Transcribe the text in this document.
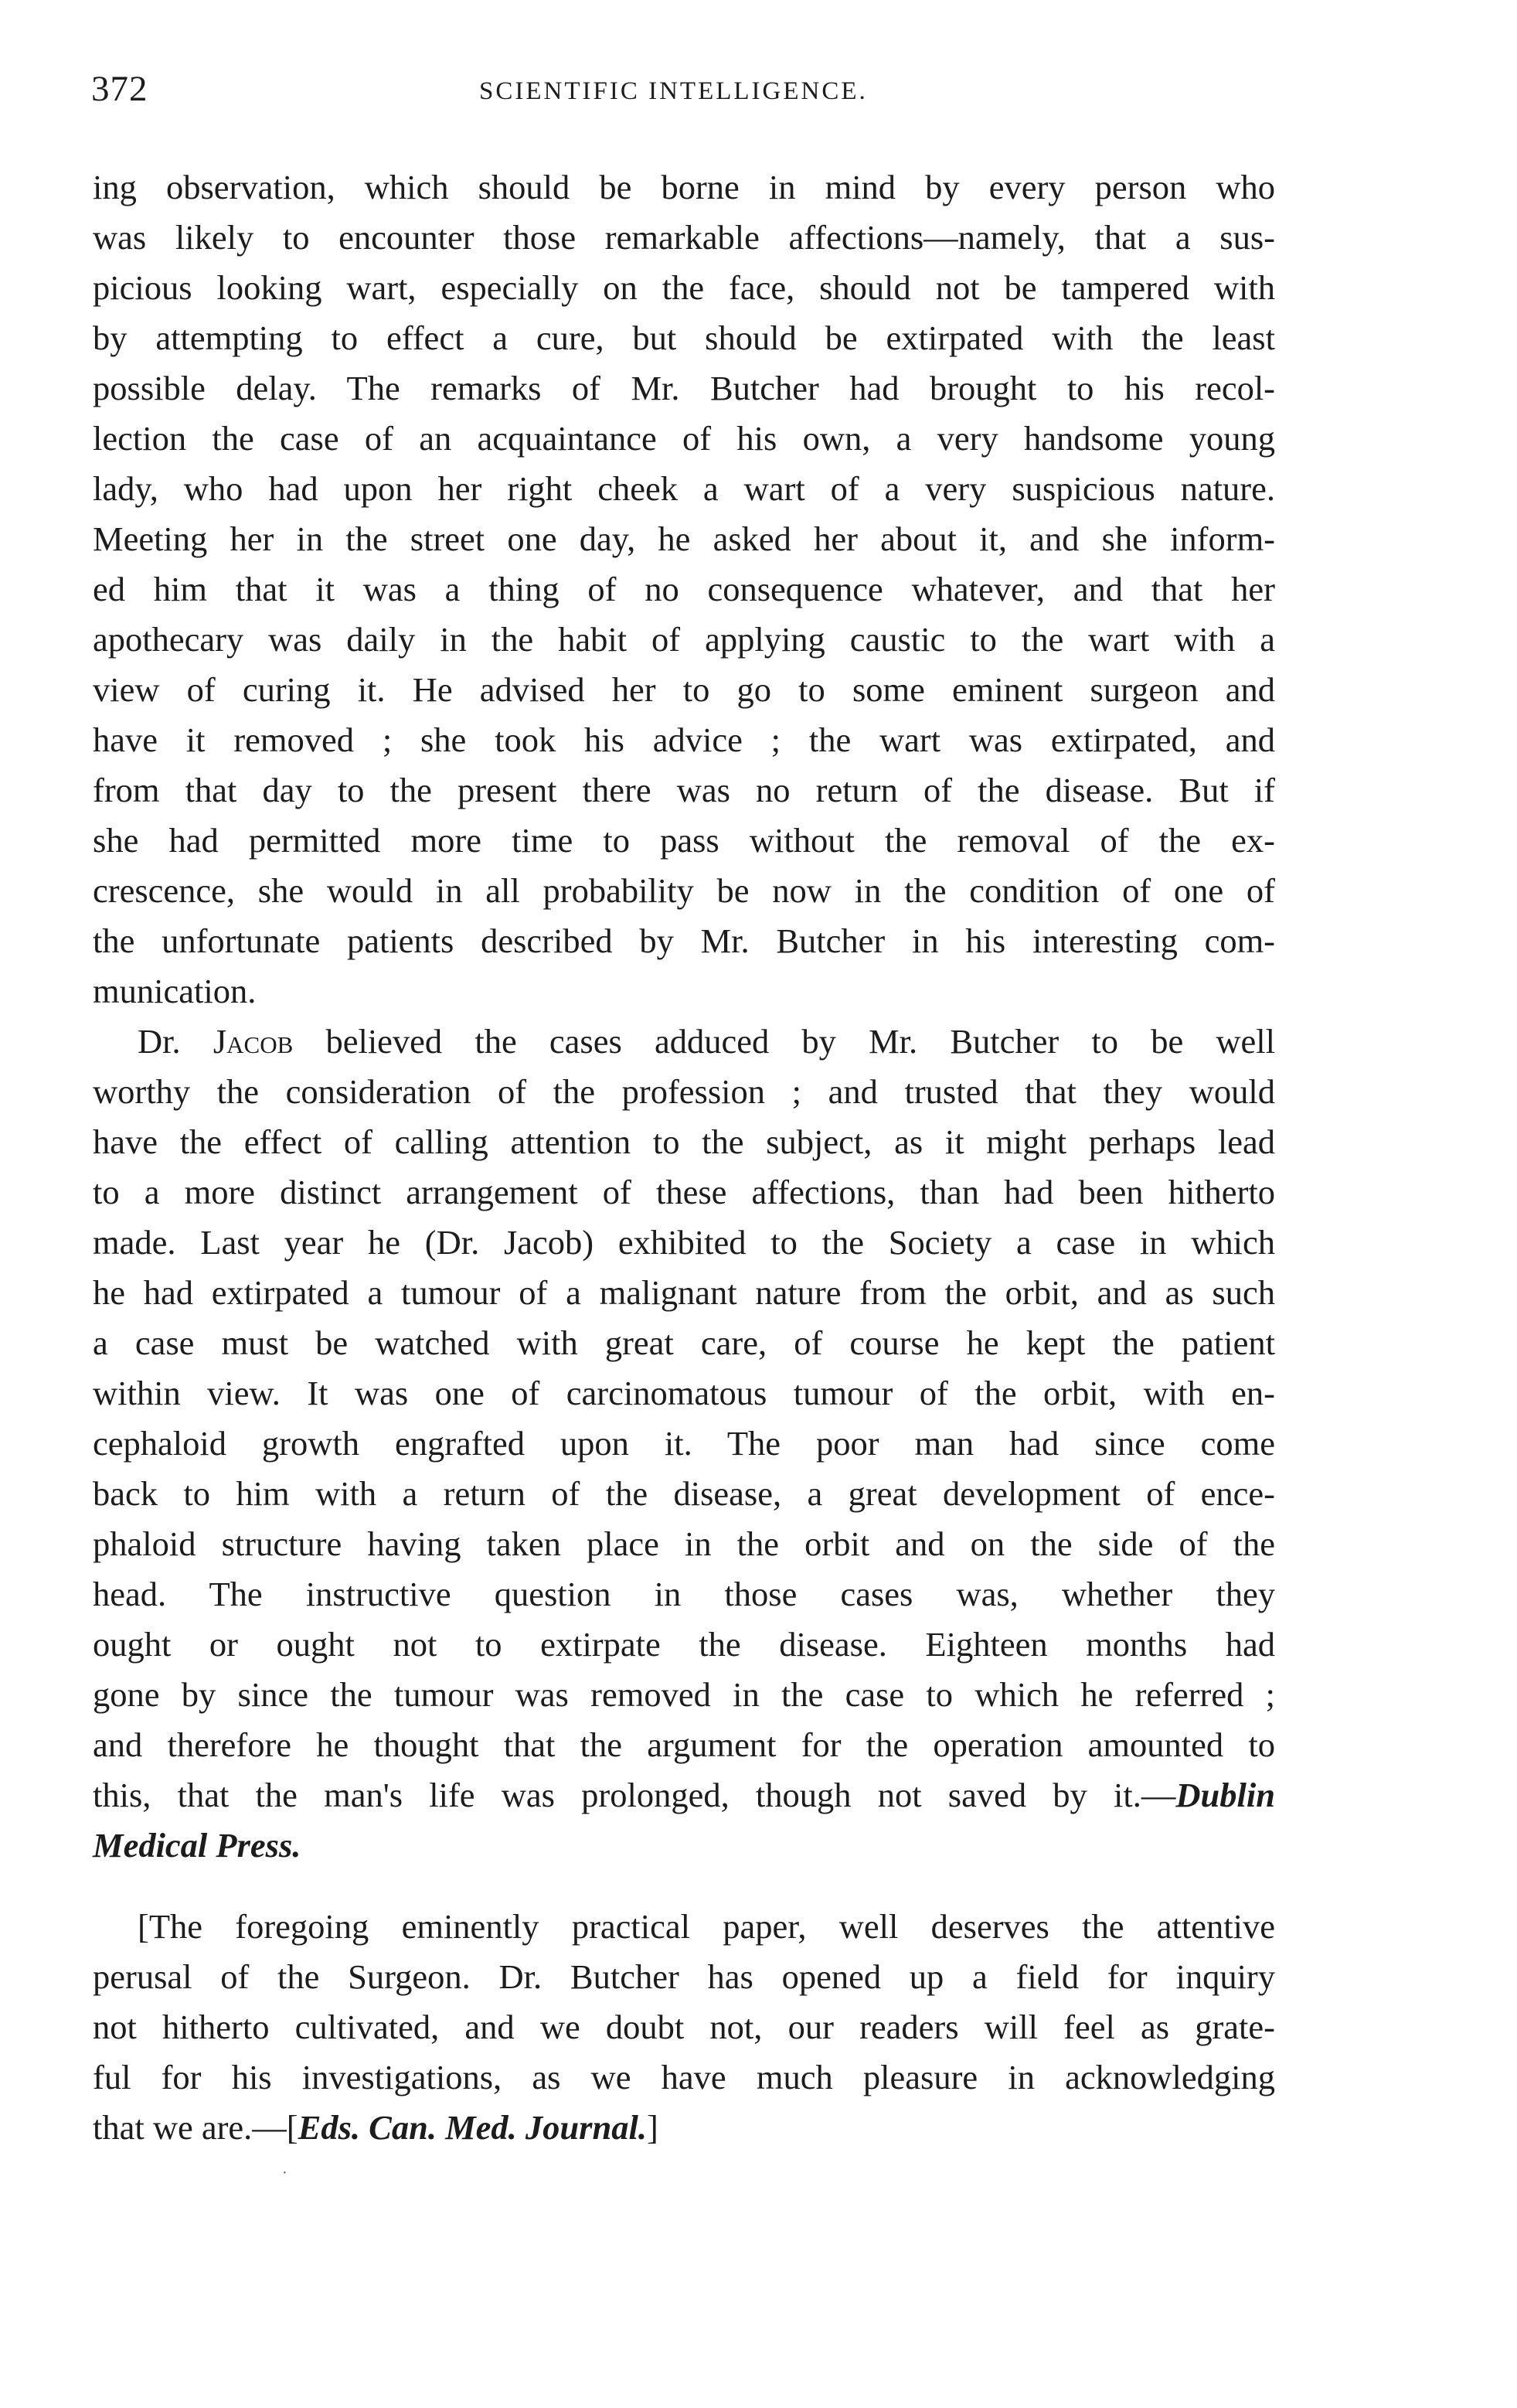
372	SCIENTIFIC INTELLIGENCE.

ing observation, which should be borne in mind by every person who
was likely to encounter those remarkable affections—namely, that a sus-
picious looking wart, especially on the face, should not be tampered with
by attempting to effect a cure, but should be extirpated with the least
possible delay. The remarks of Mr. Butcher had brought to his recol-
lection the case of an acquaintance of his own, a very handsome young
lady, who had upon her right cheek a wart of a very suspicious nature.
Meeting her in the street one day, he asked her about it, and she inform-
ed him that it was a thing of no consequence whatever, and that her
apothecary was daily in the habit of applying caustic to the wart with a
view of curing it. He advised her to go to some eminent surgeon and
have it removed ; she took his advice ; the wart was extirpated, and
from that day to the present there was no return of the disease. But if
she had permitted more time to pass without the removal of the ex-
crescence, she would in all probability be now in the condition of one of
the unfortunate patients described by Mr. Butcher in his interesting com-
munication.

Dr. Jacob believed the cases adduced by Mr. Butcher to be well
worthy the consideration of the profession ; and trusted that they would
have the effect of calling attention to the subject, as it might perhaps lead
to a more distinct arrangement of these affections, than had been hitherto
made. Last year he (Dr. Jacob) exhibited to the Society a case in which
he had extirpated a tumour of a malignant nature from the orbit, and as such
a case must be watched with great care, of course he kept the patient
within view. It was one of carcinomatous tumour of the orbit, with en-
cephaloid growth engrafted upon it. The poor man had since come
back to him with a return of the disease, a great development of ence-
phaloid structure having taken place in the orbit and on the side of the
head. The instructive question in those cases was, whether they
ought or ought not to extirpate the disease. Eighteen months had
gone by since the tumour was removed in the case to which he referred ;
and therefore he thought that the argument for the operation amounted to
this, that the man's life was prolonged, though not saved by it.—Dublin
Medical Press.

[The foregoing eminently practical paper, well deserves the attentive
perusal of the Surgeon. Dr. Butcher has opened up a field for inquiry
not hitherto cultivated, and we doubt not, our readers will feel as grate-
ful for his investigations, as we have much pleasure in acknowledging
that we are.—[Eds. Can. Med. Journal.]

·
